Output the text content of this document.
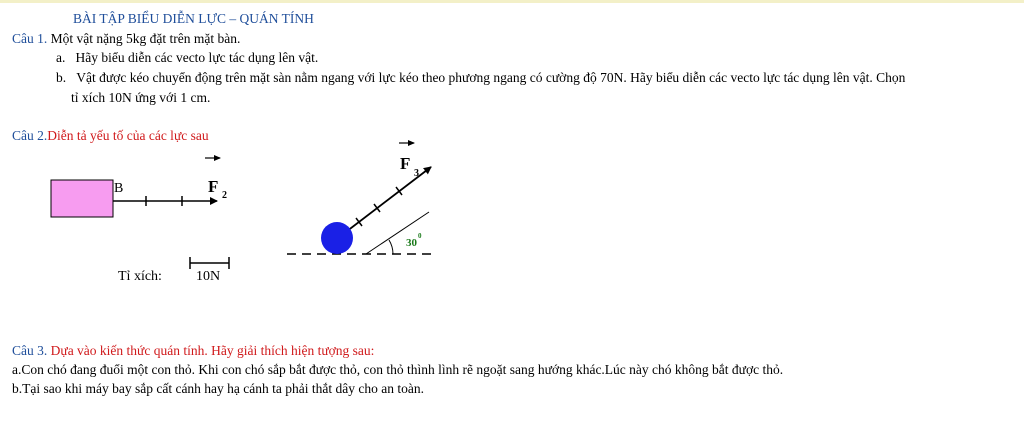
BÀI TẬP BIỂU DIỄN LỰC – QUÁN TÍNH
Câu 1. Một vật nặng 5kg đặt trên mặt bàn.
a. Hãy biểu diễn các vecto lực tác dụng lên vật.
b. Vật được kéo chuyển động trên mặt sàn nằm ngang với lực kéo theo phương ngang có cường độ 70N. Hãy biểu diễn các vecto lực tác dụng lên vật. Chọn
tỉ xích 10N ứng với 1 cm.
Câu 2.Diễn tả yếu tố của các lực sau
B	F 2
Tỉ xích: 10N
30
0
F
3
Câu 3. Dựa vào kiến thức quán tính. Hãy giải thích hiện tượng sau:
a.Con chó đang đuổi một con thỏ. Khi con chó sắp bắt được thỏ, con thỏ thình lình rẽ ngoặt sang hướng khác.Lúc này chó không bắt được thỏ.
b.Tại sao khi máy bay sắp cất cánh hay hạ cánh ta phải thắt dây cho an toàn.
